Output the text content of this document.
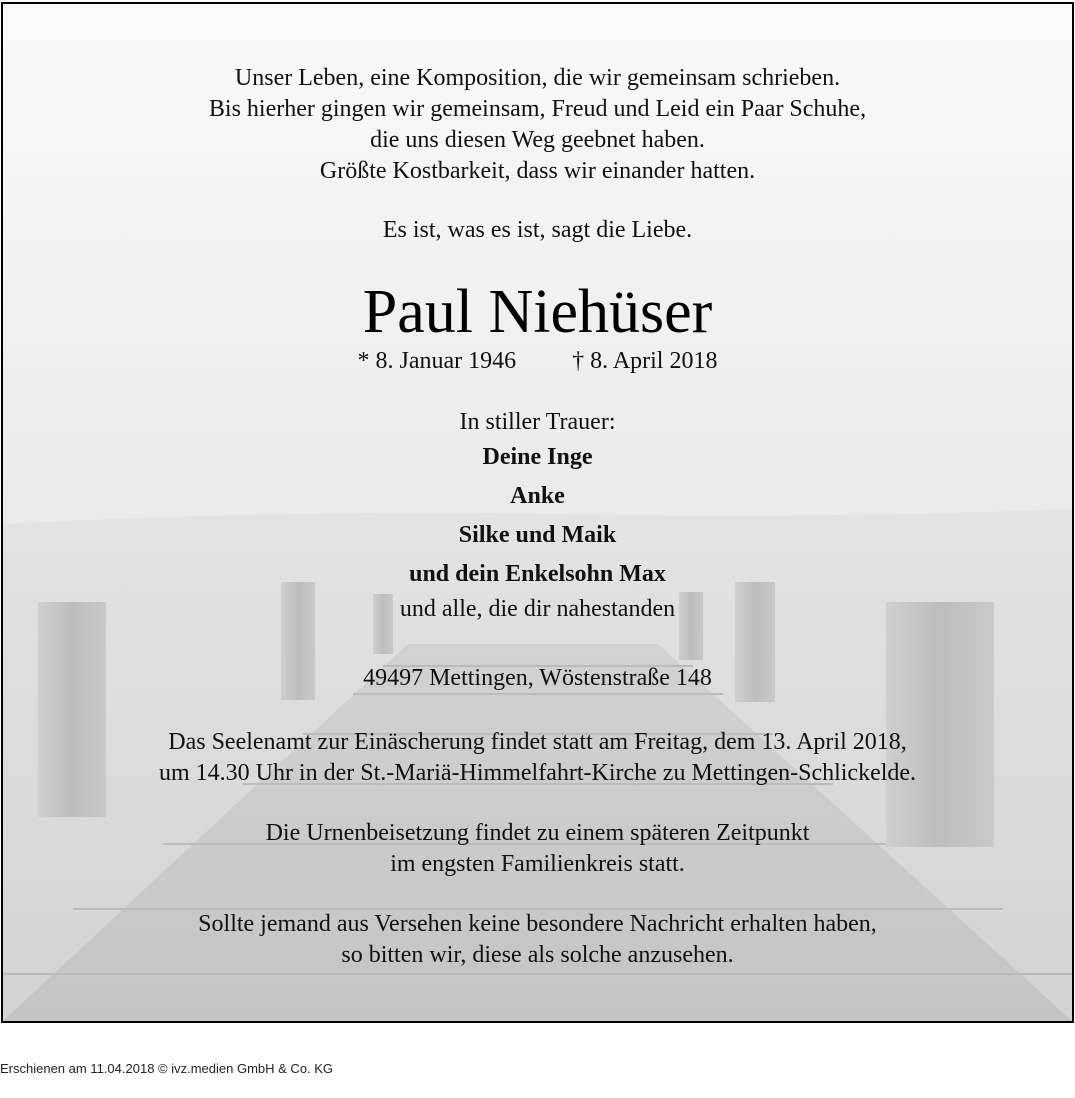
Unser Leben, eine Komposition, die wir gemeinsam schrieben.
Bis hierher gingen wir gemeinsam, Freud und Leid ein Paar Schuhe,
die uns diesen Weg geebnet haben.
Größte Kostbarkeit, dass wir einander hatten.
Es ist, was es ist, sagt die Liebe.
Paul Niehüser
* 8. Januar 1946 † 8. April 2018
In stiller Trauer:
Deine Inge
Anke
Silke und Maik
und dein Enkelsohn Max
und alle, die dir nahestanden
49497 Mettingen, Wöstenstraße 148
Das Seelenamt zur Einäscherung findet statt am Freitag, dem 13. April 2018,
um 14.30 Uhr in der St.-Mariä-Himmelfahrt-Kirche zu Mettingen-Schlickelde.
Die Urnenbeisetzung findet zu einem späteren Zeitpunkt
im engsten Familienkreis statt.
Sollte jemand aus Versehen keine besondere Nachricht erhalten haben,
so bitten wir, diese als solche anzusehen.
Erschienen am 11.04.2018 © ivz.medien GmbH & Co. KG
